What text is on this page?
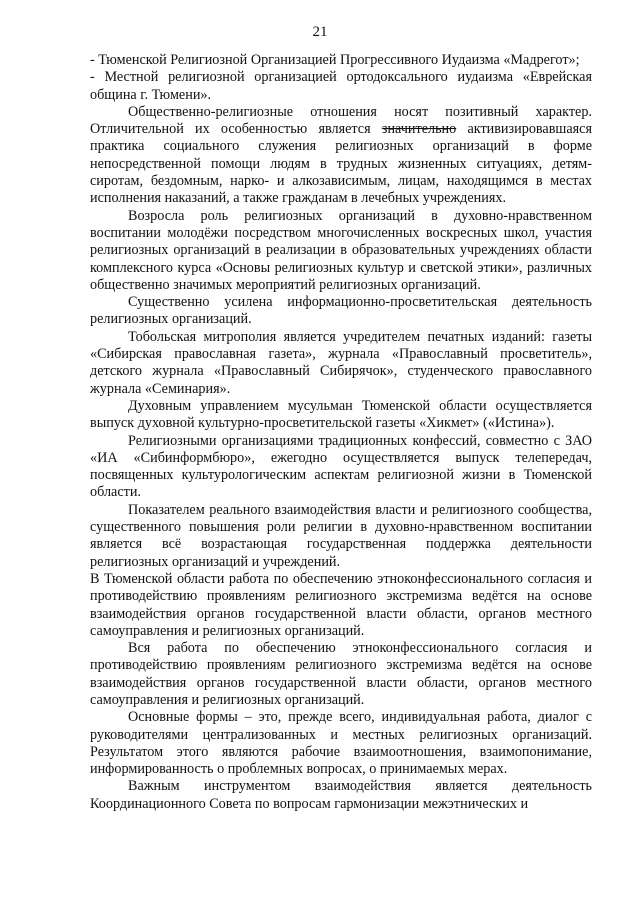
21

- Тюменской Религиозной Организацией Прогрессивного Иудаизма «Мадрегот»;

- Местной религиозной организацией ортодоксального иудаизма «Еврейская община г. Тюмени».

Общественно-религиозные отношения носят позитивный характер. Отличительной их особенностью является значительно активизировавшаяся практика социального служения религиозных организаций в форме непосредственной помощи людям в трудных жизненных ситуациях, детям-сиротам, бездомным, нарко- и алкозависимым, лицам, находящимся в местах исполнения наказаний, а также гражданам в лечебных учреждениях.

Возросла роль религиозных организаций в духовно-нравственном воспитании молодёжи посредством многочисленных воскресных школ, участия религиозных организаций в реализации в образовательных учреждениях области комплексного курса «Основы религиозных культур и светской этики», различных общественно значимых мероприятий религиозных организаций.

Существенно усилена информационно-просветительская деятельность религиозных организаций.

Тобольская митрополия является учредителем печатных изданий: газеты «Сибирская православная газета», журнала «Православный просветитель», детского журнала «Православный Сибирячок», студенческого православного журнала «Семинария».

Духовным управлением мусульман Тюменской области осуществляется выпуск духовной культурно-просветительской газеты «Хикмет» («Истина»).

Религиозными организациями традиционных конфессий, совместно с ЗАО «ИА «Сибинформбюро», ежегодно осуществляется выпуск телепередач, посвященных культурологическим аспектам религиозной жизни в Тюменской области.

Показателем реального взаимодействия власти и религиозного сообщества, существенного повышения роли религии в духовно-нравственном воспитании является всё возрастающая государственная поддержка деятельности религиозных организаций и учреждений.

В Тюменской области работа по обеспечению этноконфессионального согласия и противодействию проявлениям религиозного экстремизма ведётся на основе взаимодействия органов государственной власти области, органов местного самоуправления и религиозных организаций.

Вся работа по обеспечению этноконфессионального согласия и противодействию проявлениям религиозного экстремизма ведётся на основе взаимодействия органов государственной власти области, органов местного самоуправления и религиозных организаций.

Основные формы – это, прежде всего, индивидуальная работа, диалог с руководителями централизованных и местных религиозных организаций. Результатом этого являются рабочие взаимоотношения, взаимопонимание, информированность о проблемных вопросах, о принимаемых мерах.

Важным инструментом взаимодействия является деятельность Координационного Совета по вопросам гармонизации межэтнических и
